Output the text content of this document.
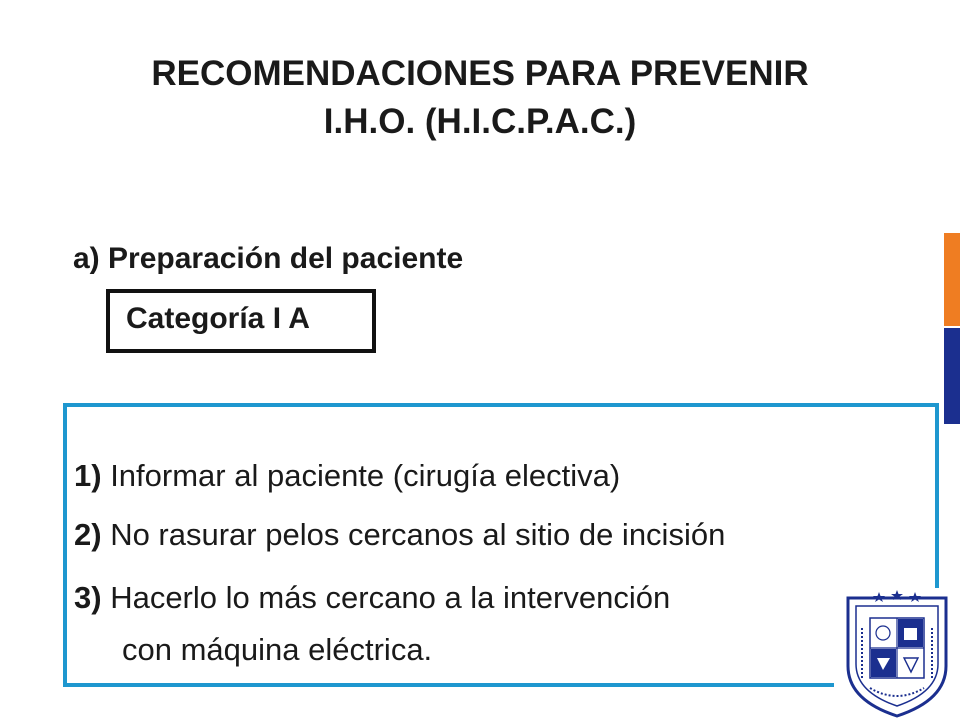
RECOMENDACIONES PARA PREVENIR
I.H.O. (H.I.C.P.A.C.)
a) Preparación del paciente
Categoría I A
1) Informar al paciente (cirugía electiva)
2) No rasurar pelos cercanos al sitio de incisión
3) Hacerlo lo más cercano a la intervención
con máquina eléctrica.
